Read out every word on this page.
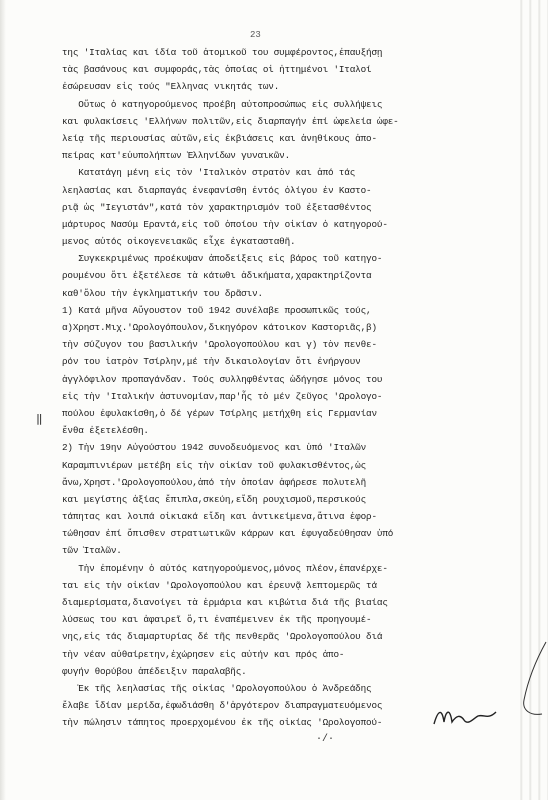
23
της 'Ιταλίας και ίδία τοῦ ἀτομικοῦ του συμφέροντος,ἐπαυξήσῃ
τὰς βασάνους και συμφοράς,τὰς ὁποίας οἱ ἡττημένοι 'Ιταλοί
ἐσώρευσαν εἰς τούς "Ελληνας νικητάς των.
Οὕτως ὁ κατηγορούμενος προέβη αὐτοπροσώπως εἰς συλλήψεις
και φυλακίσεις 'Ελλήνων πολιτῶν,εἰς διαρπαγήν ἐπί ὠφελεία ὠφε-
λείᾳ τῆς περιουσίας αὐτῶν,εἰς ἐκβιάσεις και ἀνηθίκους ἀπο-
πείρας κατ'εὐυπολήπτων Ἑλληνίδων γυναικῶν.
Κατατάγη μένη εἰς τὸν 'Ιταλικὸν στρατὸν και ἀπό τάς
λεηλασίας και διαρπαγάς ἐνεφανίσθη ἐντός ὀλίγου ἐν Καστο-
ριᾷ ὡς "Ιεγιστάν",κατά τὸν χαρακτηρισμόν τοῦ ἐξετασθέντος
μάρτυρος Νασύμ Εραντά,εἰς τοῦ ὁποίου τὴν οἰκίαν ὁ κατηγορού-
μενος αὐτός οἰκογενειακῶς εἶχε ἐγκατασταθῆ.
Συγκεκριμένως προέκυψαν ἀποδείξεις εἰς βάρος τοῦ κατηγο-
ρουμένου ὅτι ἐξετέλεσε τὰ κάτωθι ἀδικήματα,χαρακτηρίζοντα
καθ'ὅλου τὴν ἐγκληματικήν του δρᾶσιν.
1) Κατά μῆνα Αὔγουστον τοῦ 1942 συνέλαβε προσωπικῶς τούς,
α)Χρηστ.Μιχ.'Ωρολογόπουλον,δικηγόρον κάτοικον Καστοριᾶς,β)
τὴν σύζυγον του βασιλικήν 'Ωρολογοπούλου και γ) τὸν πενθε-
ρόν του ἰατρὸν Τσίρλην,μέ τὴν δικαιολογίαν ὅτι ἐνήργουν
ἀγγλόφιλον προπαγάνδαν. Τούς συλληφθέντας ὡδήγησε μόνος του
εἰς τὴν 'Ιταλικήν ἀστυνομίαν,παρ'ἧς τὸ μέν ζεῦγος 'Ωρολογο-
πούλου ἐφυλακίσθη,ὁ δέ γέρων Τσίρλης μετήχθη εἰς Γερμανίαν
ἔνθα ἐξετελέσθη.
2) Τὴν 19ην Αὐγούστου 1942 συνοδευόμενος και ὑπό 'Ιταλῶν
Καραμπινιέρων μετέβη εἰς τὴν οἰκίαν τοῦ φυλακισθέντος,ὡς
ἄνω,Χρηστ.'Ωρολογοπούλου,ἀπό τὴν ὁποίαν ἀφήρεσε πολυτελῆ
και μεγίστης ἀξίας ἔπιπλα,σκεύη,εἴδη ρουχισμοῦ,περσικούς
τάπητας και λοιπά οἰκιακά εἴδη και ἀντικείμενα,ἅτινα ἐφορ-
τώθησαν ἐπί ὄπισθεν στρατιωτικῶν κάρρων και ἐφυγαδεύθησαν ὑπό
τῶν Ἰταλῶν.
Τὴν ἐπομένην ὁ αὐτός κατηγορούμενος,μόνος πλέον,ἐπανέρχε-
ται εἰς τὴν οἰκίαν 'Ωρολογοπούλου και ἐρευνᾷ λεπτομερῶς τά
διαμερίσματα,διανοίγει τὰ ἑρμάρια και κιβώτια διά τῆς βιαίας
λύσεως του και ἀφαιρεῖ ὅ,τι ἐναπέμεινεν ἐκ τῆς προηγουμέ-
νης,εἰς τάς διαμαρτυρίας δέ τῆς πενθερᾶς 'Ωρολογοπούλου διά
τὴν νέαν αὐθαίρετην,ἐχώρησεν εἰς αὐτήν και πρός ἀπο-
φυγήν θορύβου ἀπέδειξιν παραλαβῆς.
Ἐκ τῆς λεηλασίας τῆς οἰκίας 'Ωρολογοπούλου ὁ Ἀνδρεάδης
ἔλαβε ἴδίαν μερίδα,ἐφωδιάσθη δ'ἀργότερον διαπραγματευόμενος
τὴν πώλησιν τάπητος προερχομένου ἐκ τῆς οἰκίας 'Ωρολογοπού-
‖
·/·
